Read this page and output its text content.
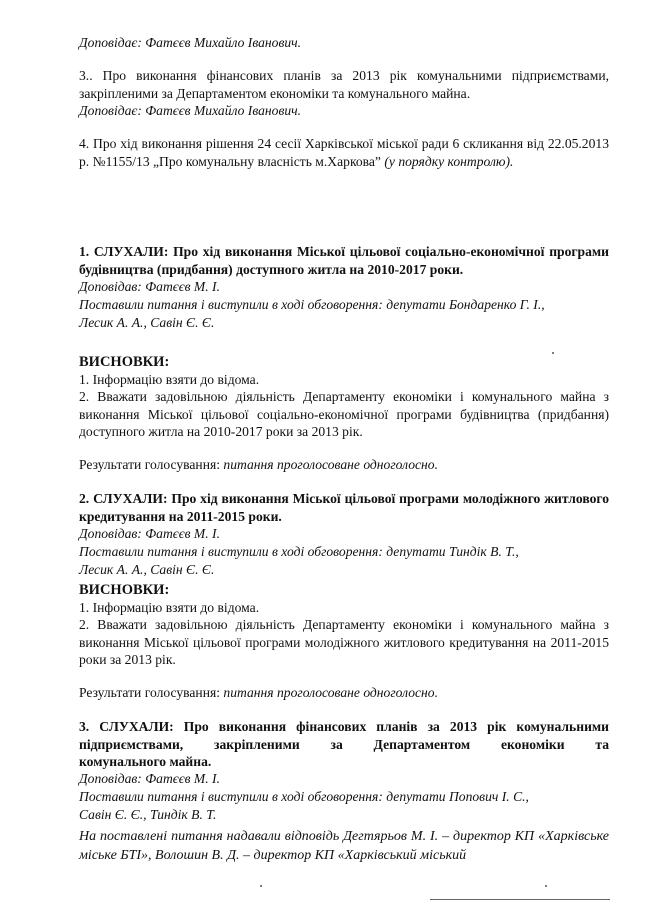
Доповідає: Фатєєв Михайло Іванович.
3.. Про виконання фінансових планів за 2013 рік комунальними підприємствами, закріпленими за Департаментом економіки та комунального майна.
Доповідає: Фатєєв Михайло Іванович.
4. Про хід виконання рішення 24 сесії Харківської міської ради 6 скликання від 22.05.2013 р. №1155/13 „Про комунальну власність м.Харкова” (у порядку контролю).
1. СЛУХАЛИ: Про хід виконання Міської цільової соціально-економічної програми будівництва (придбання) доступного житла на 2010-2017 роки.
Доповідав: Фатєєв М. І.
Поставили питання і виступили в ході обговорення: депутати Бондаренко Г. І.,
Лесик А. А., Савін Є. Є.
ВИСНОВКИ:
1. Інформацію взяти до відома.
2. Вважати задовільною діяльність Департаменту економіки і комунального майна з виконання Міської цільової соціально-економічної програми будівництва (придбання) доступного житла на 2010-2017 роки за 2013 рік.
Результати голосування: питання проголосоване одноголосно.
2. СЛУХАЛИ: Про хід виконання Міської цільової програми молодіжного житлового кредитування на 2011-2015 роки.
Доповідав: Фатєєв М. І.
Поставили питання і виступили в ході обговорення: депутати Тиндік В. Т.,
Лесик А. А., Савін Є. Є.
ВИСНОВКИ:
1. Інформацію взяти до відома.
2. Вважати задовільною діяльність Департаменту економіки і комунального майна з виконання Міської цільової програми молодіжного житлового кредитування на 2011-2015 роки за 2013 рік.
Результати голосування: питання проголосоване одноголосно.
3. СЛУХАЛИ: Про виконання фінансових планів за 2013 рік комунальними
підприємствами, закріпленими за Департаментом економіки та
комунального майна.
Доповідав: Фатєєв М. І.
Поставили питання і виступили в ході обговорення: депутати Попович І. С.,
Савін Є. Є., Тиндік В. Т.
На поставлені питання надавали відповідь Дегтярьов М. І. – директор КП «Харківське міське БТІ», Волошин В. Д. – директор КП «Харківський міський
